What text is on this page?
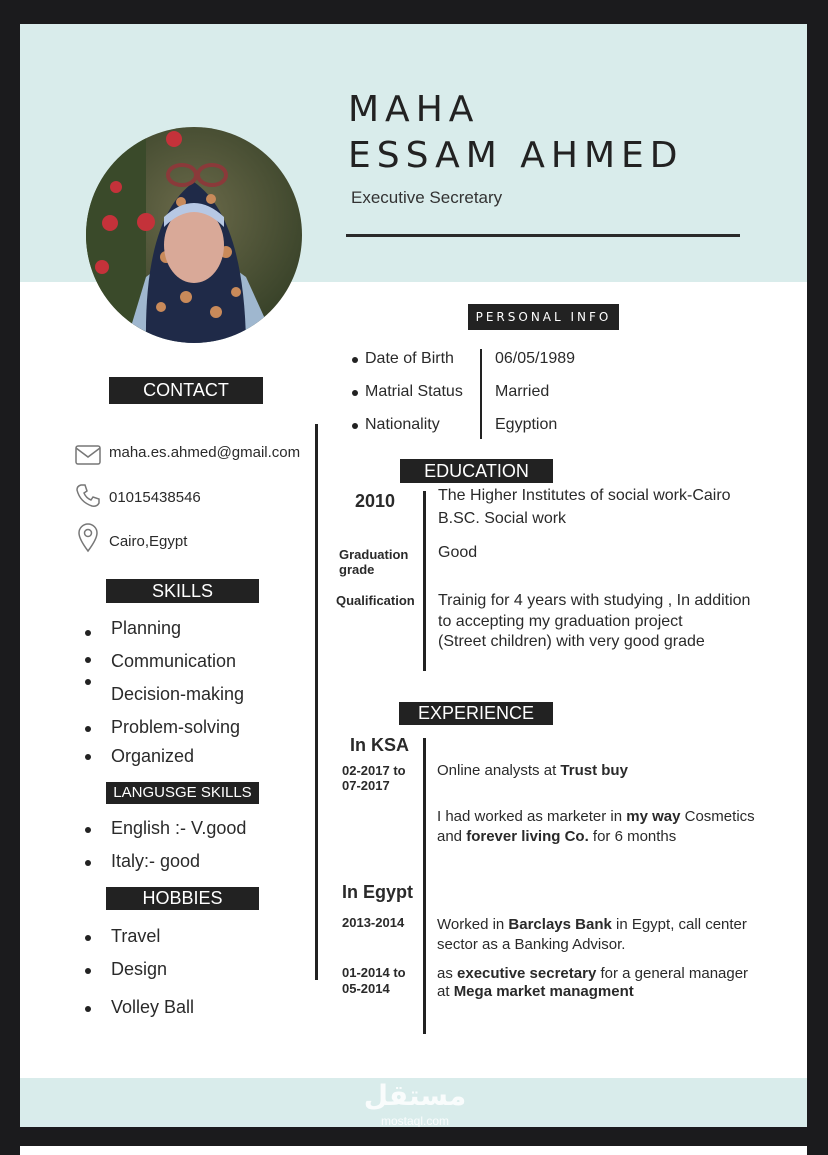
MAHA
ESSAM AHMED
Executive Secretary
PERSONAL INFO
Date of Birth	06/05/1989
Matrial Status Married
Nationality	Egyption
CONTACT
maha.es.ahmed@gmail.com
01015438546
Cairo,Egypt
SKILLS
Planning
Communication
Decision-making
Problem-solving
Organized
LANGUSGE SKILLS
English :- V.good
Italy:- good
HOBBIES
Travel
Design
Volley Ball
EDUCATION
2010	The Higher Institutes of social work-Cairo
B.SC. Social work
Graduation
grade
Good
Qualification Trainig for 4 years with studying , In addition
to accepting my graduation project
(Street children) with very good grade
EXPERIENCE
In KSA
02-2017 to
07-2017
Online analysts at Trust buy
I had worked as marketer in my way Cosmetics
and forever living Co. for 6 months
In Egypt
2013-2014 Worked in Barclays Bank in Egypt, call center
sector as a Banking Advisor.
01-2014 to
05-2014
as executive secretary for a general manager
at Mega market managment
مستقل
mostaql.com
